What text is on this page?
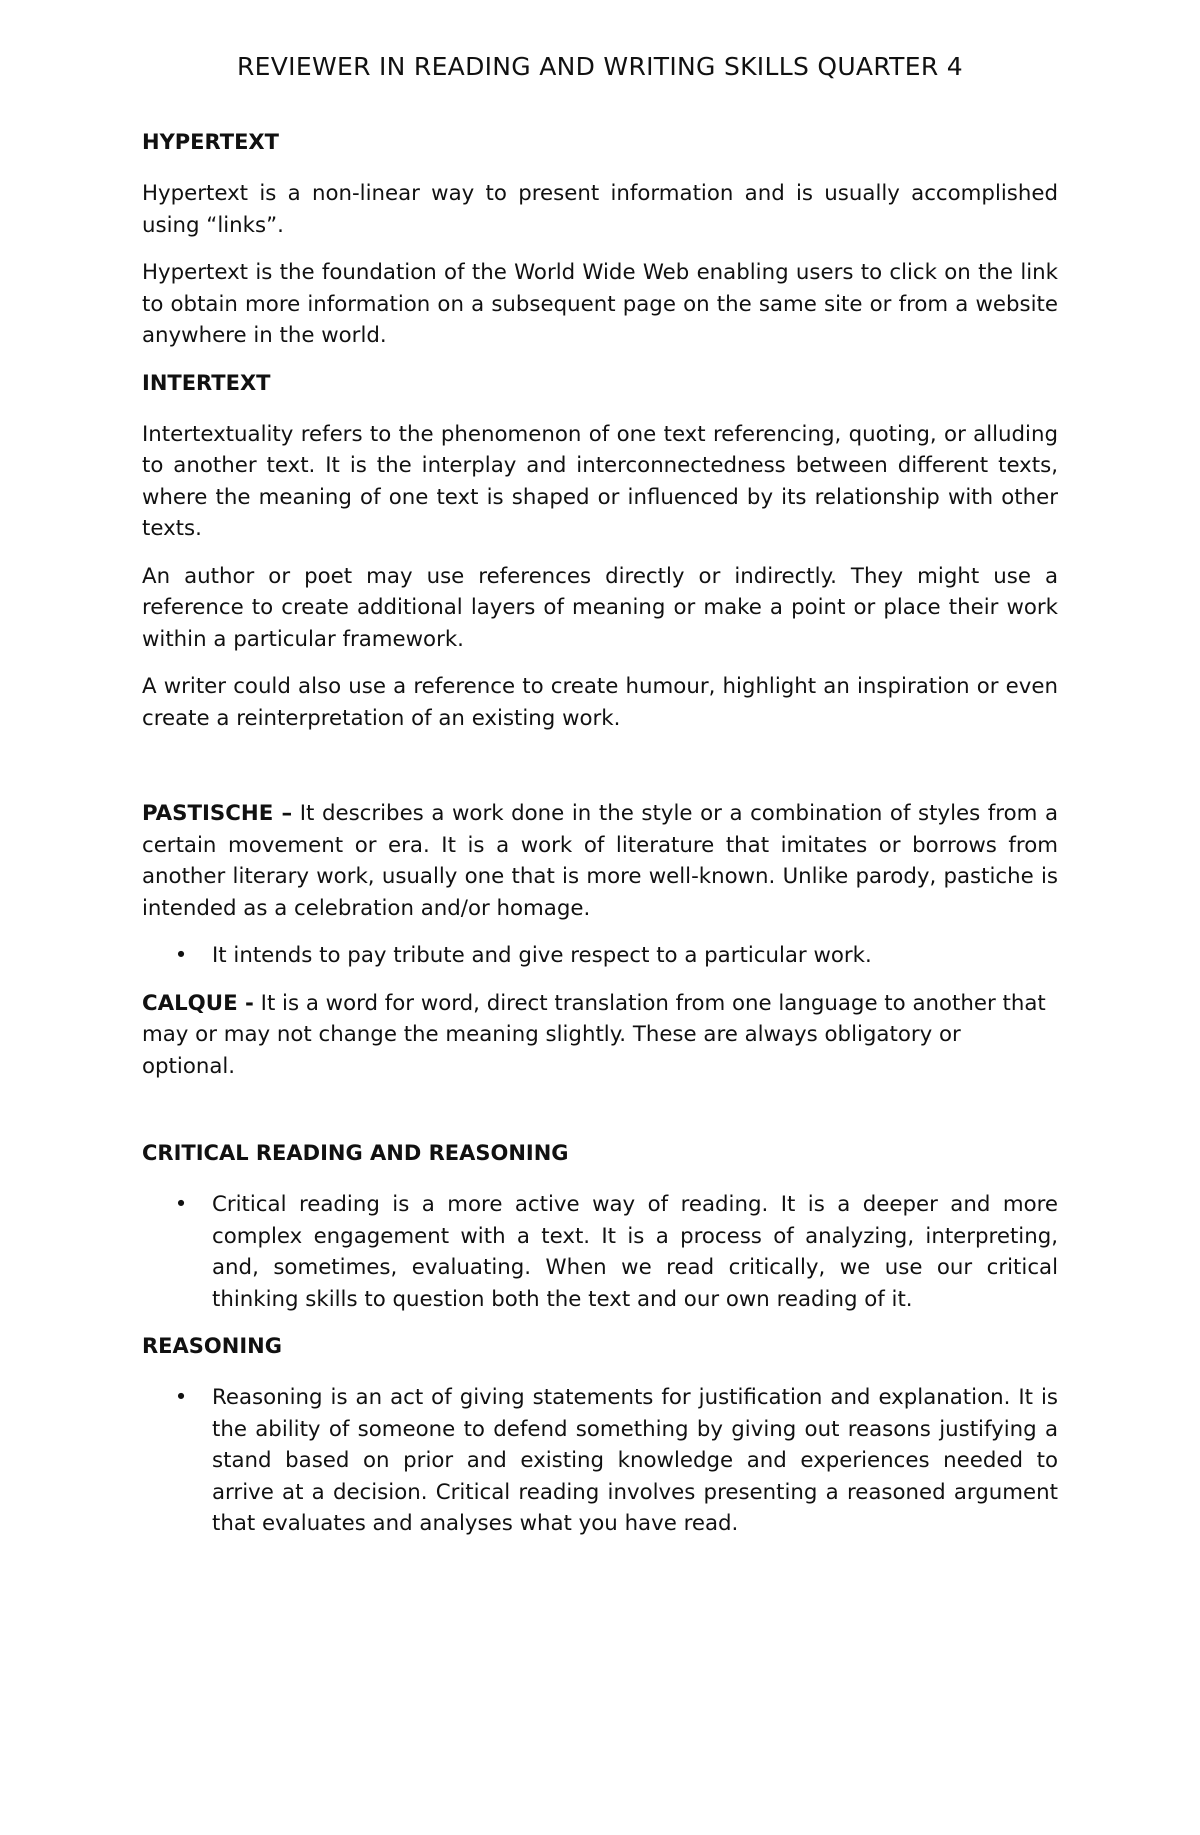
REVIEWER IN READING AND WRITING SKILLS QUARTER 4
HYPERTEXT

Hypertext is a non-linear way to present information and is usually accomplished using “links”.

Hypertext is the foundation of the World Wide Web enabling users to click on the link to obtain more information on a subsequent page on the same site or from a website anywhere in the world.

INTERTEXT

Intertextuality refers to the phenomenon of one text referencing, quoting, or alluding to another text. It is the interplay and interconnectedness between different texts, where the meaning of one text is shaped or influenced by its relationship with other texts.

An author or poet may use references directly or indirectly. They might use a reference to create additional layers of meaning or make a point or place their work within a particular framework.

A writer could also use a reference to create humour, highlight an inspiration or even create a reinterpretation of an existing work.

PASTISCHE – It describes a work done in the style or a combination of styles from a certain movement or era. It is a work of literature that imitates or borrows from another literary work, usually one that is more well-known. Unlike parody, pastiche is intended as a celebration and/or homage.

• It intends to pay tribute and give respect to a particular work.

CALQUE - It is a word for word, direct translation from one language to another that may or may not change the meaning slightly. These are always obligatory or optional.

CRITICAL READING AND REASONING
• Critical reading is a more active way of reading. It is a deeper and more complex engagement with a text. It is a process of analyzing, interpreting, and, sometimes, evaluating. When we read critically, we use our critical thinking skills to question both the text and our own reading of it.
REASONING
• Reasoning is an act of giving statements for justification and explanation. It is the ability of someone to defend something by giving out reasons justifying a stand based on prior and existing knowledge and experiences needed to arrive at a decision. Critical reading involves presenting a reasoned argument that evaluates and analyses what you have read.
